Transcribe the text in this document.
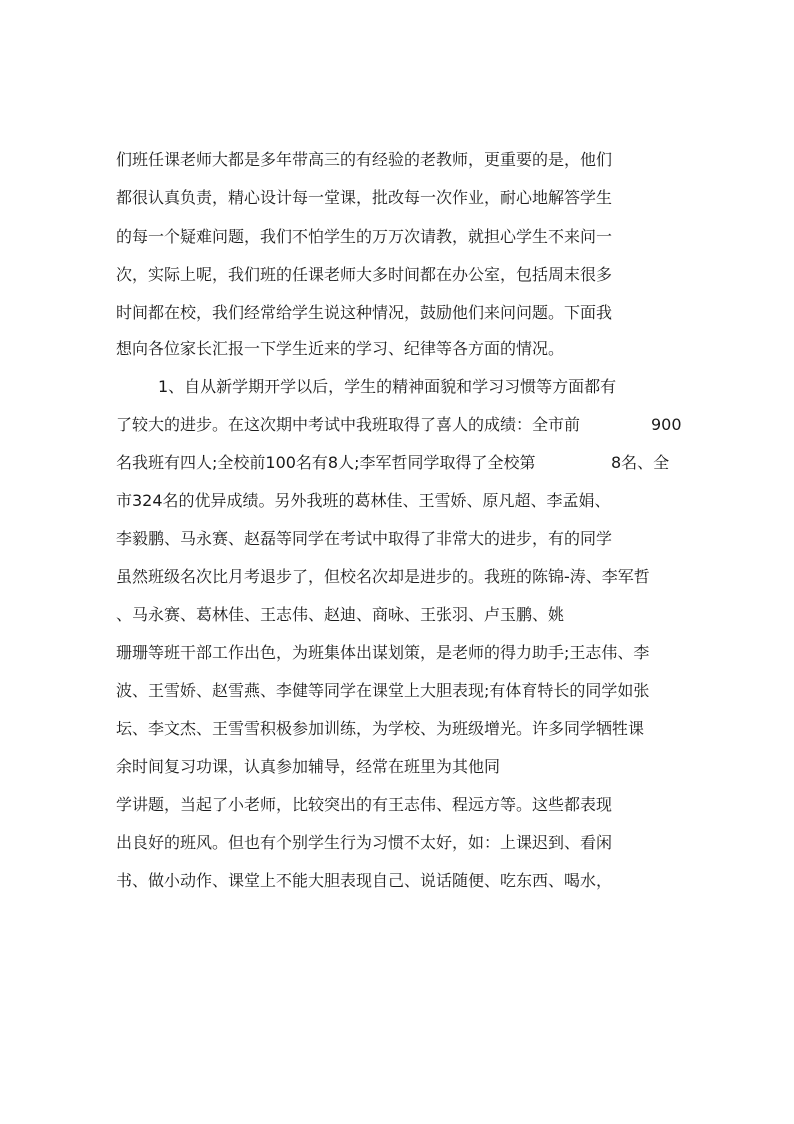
们班任课老师大都是多年带高三的有经验的老教师，更重要的是，他们
都很认真负责，精心设计每一堂课，批改每一次作业，耐心地解答学生
的每一个疑难问题，我们不怕学生的万万次请教，就担心学生不来问一
次，实际上呢，我们班的任课老师大多时间都在办公室，包括周末很多
时间都在校，我们经常给学生说这种情况，鼓励他们来问问题。下面我
想向各位家长汇报一下学生近来的学习、纪律等各方面的情况。
1、自从新学期开学以后，学生的精神面貌和学习习惯等方面都有
了较大的进步。在这次期中考试中我班取得了喜人的成绩：全市前	900
名我班有四人;全校前100名有8人;李军哲同学取得了全校第	8名、全
市324名的优异成绩。另外我班的葛林佳、王雪娇、原凡超、李孟娟、
李毅鹏、马永赛、赵磊等同学在考试中取得了非常大的进步，有的同学
虽然班级名次比月考退步了，但校名次却是进步的。我班的陈锦-涛、李军哲
、马永赛、葛林佳、王志伟、赵迪、商咏、王张羽、卢玉鹏、姚
珊珊等班干部工作出色，为班集体出谋划策，是老师的得力助手;王志伟、李
波、王雪娇、赵雪燕、李健等同学在课堂上大胆表现;有体育特长的同学如张
坛、李文杰、王雪雪积极参加训练，为学校、为班级增光。许多同学牺牲课
余时间复习功课，认真参加辅导，经常在班里为其他同
学讲题，当起了小老师，比较突出的有王志伟、程远方等。这些都表现
出良好的班风。但也有个别学生行为习惯不太好，如：上课迟到、看闲
书、做小动作、课堂上不能大胆表现自己、说话随便、吃东西、喝水，
